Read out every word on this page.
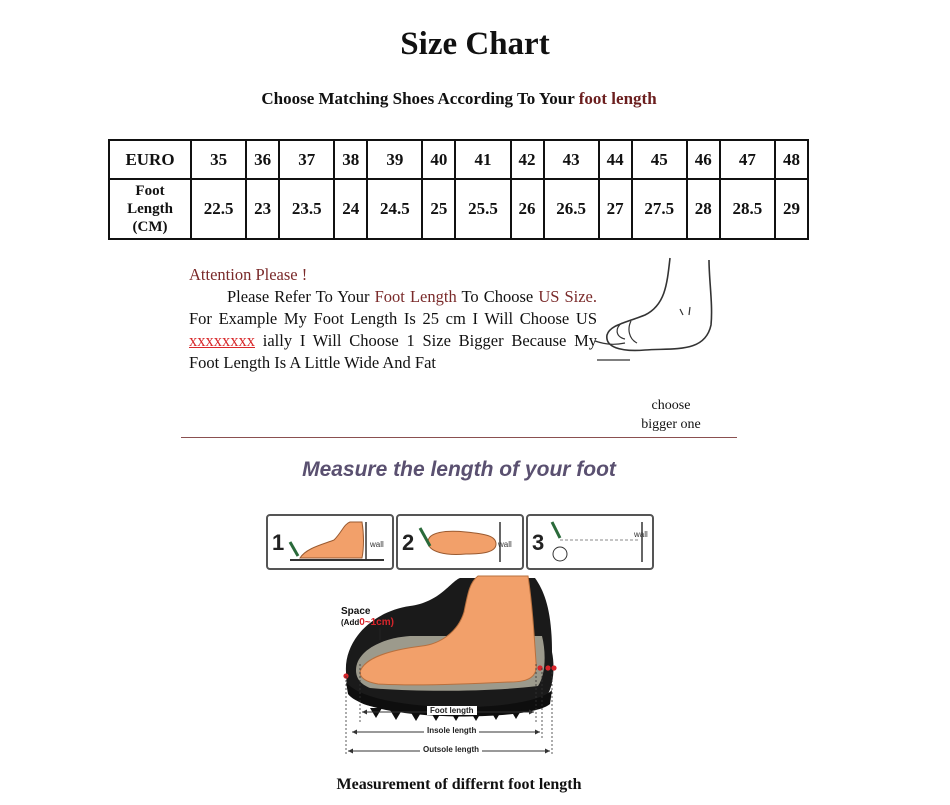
Size Chart
Choose Matching Shoes According To Your foot length
EURO	35	36	37	38	39	40	41	42	43	44	45	46	47	48
Foot
Length
(CM)	22.5	23	23.5	24	24.5	25	25.5	26	26.5	27	27.5	28	28.5	29

Attention Please !

Please Refer To Your Foot Length To Choose US Size. For Example My Foot Length Is 25 cm I Will Choose US xxxxxxxx ially I Will Choose 1 Size Bigger Because My Foot Length Is A Little Wide And Fat

choose
bigger one
Measure the length of your foot
1	wall 2	wall 3	wall
Space
(Add0~1cm)
Foot length
Insole length
Outsole length
Measurement of differnt foot length
